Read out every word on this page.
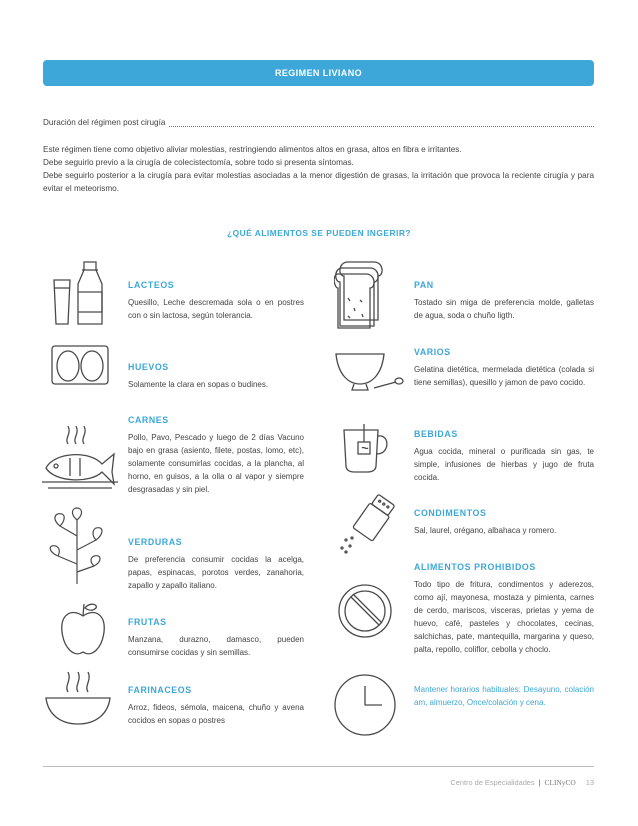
REGIMEN LIVIANO
Duración del régimen post cirugía
Este régimen tiene como objetivo aliviar molestias, restringiendo alimentos altos en grasa, altos en fibra e irritantes.
Debe seguirlo previo a la cirugía de colecistectomía, sobre todo si presenta síntomas.
Debe seguirlo posterior a la cirugía para evitar molestias asociadas a la menor digestión de grasas, la irritación que provoca la reciente cirugía y para evitar el meteorismo.
¿QUÉ ALIMENTOS SE PUEDEN INGERIR?
LACTEOS
Quesillo, Leche descremada sola o en postres con o sin lactosa, según tolerancia.
HUEVOS
Solamente la clara en sopas o budines.
CARNES
Pollo, Pavo, Pescado y luego de 2 días Vacuno bajo en grasa (asiento, filete, postas, lomo, etc), solamente consumirlas cocidas, a la plancha, al horno, en guisos, a la olla o al vapor y siempre desgrasadas y sin piel.
VERDURAS
De preferencia consumir cocidas la acelga, papas, espinacas, porotos verdes, zanahoria, zapallo y zapallo italiano.
FRUTAS
Manzana, durazno, damasco, pueden consumirse cocidas y sin semillas.
FARINACEOS
Arroz, fideos, sémola, maicena, chuño y avena cocidos en sopas o postres
PAN
Tostado sin miga de preferencia molde, galletas de agua, soda o chuño ligth.
VARIOS
Gelatina dietética, mermelada dietética (colada si tiene semillas), quesillo y jamon de pavo cocido.
BEBIDAS
Agua cocida, mineral o purificada sin gas, te simple, infusiones de hierbas y jugo de fruta cocida.
CONDIMENTOS
Sal, laurel, orégano, albahaca y romero.
ALIMENTOS PROHIBIDOS
Todo tipo de fritura, condimentos y aderezos, como ají, mayonesa, mostaza y pimienta, carnes de cerdo, mariscos, visceras, prietas y yema de huevo, café, pasteles y chocolates, cecinas, salchichas, pate, mantequilla, margarina y queso, palta, repollo, coliflor, cebolla y choclo.
Mantener horarios habituales: Desayuno, colación am, almuerzo, Once/colación y cena.
Centro de Especialidades | CLINyCO 13
